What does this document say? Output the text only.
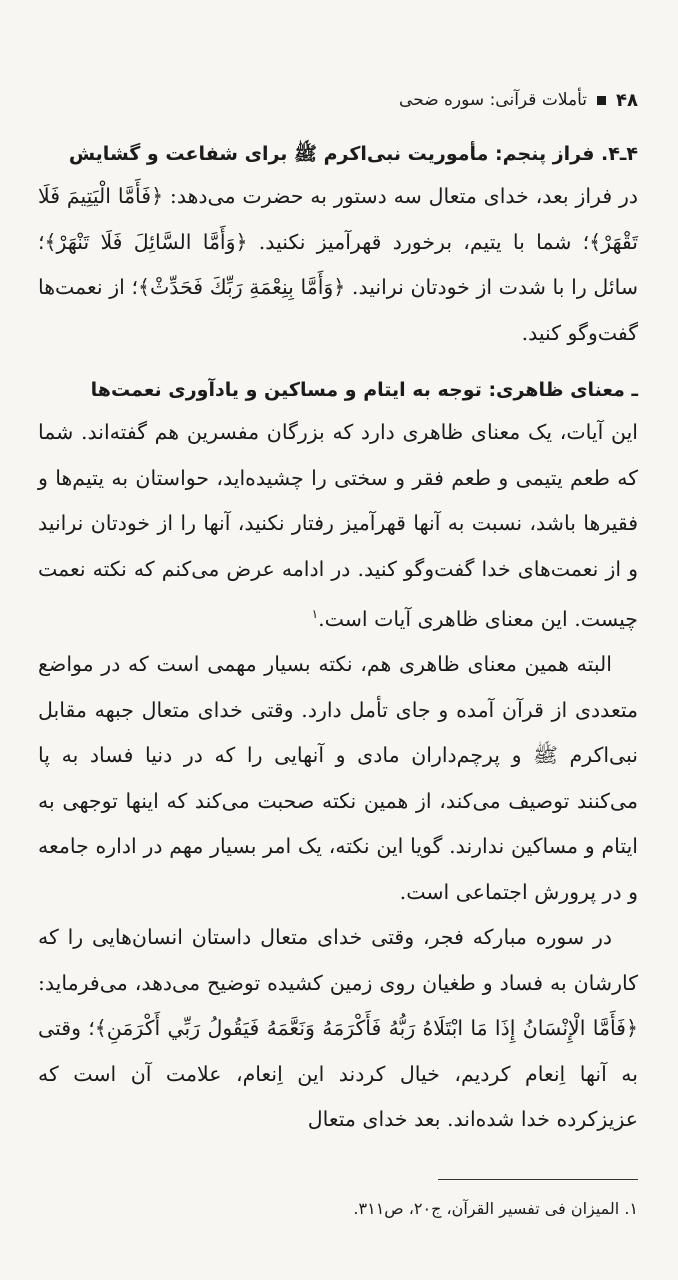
۴۸
تأملات قرآنی: سوره ضحی
۴ـ۴. فراز پنجم: مأموریت نبی‌اکرم ﷺ برای شفاعت و گشایش

در فراز بعد، خدای متعال سه دستور به حضرت می‌دهد: ﴿فَأَمَّا الْيَتِيمَ فَلَا تَقْهَرْ﴾؛ شما با یتیم، برخورد قهرآمیز نکنید. ﴿وَأَمَّا السَّائِلَ فَلَا تَنْهَرْ﴾؛ سائل را با شدت از خودتان نرانید. ﴿وَأَمَّا بِنِعْمَةِ رَبِّكَ فَحَدِّثْ﴾؛ از نعمت‌ها گفت‌وگو کنید.

ـ معنای ظاهری: توجه به ایتام و مساکین و یادآوری نعمت‌ها

این آیات، یک معنای ظاهری دارد که بزرگان مفسرین هم گفته‌اند. شما که طعم یتیمی و طعم فقر و سختی را چشیده‌اید، حواستان به یتیم‌ها و فقیرها باشد، نسبت به آنها قهرآمیز رفتار نکنید، آنها را از خودتان نرانید و از نعمت‌های خدا گفت‌وگو کنید. در ادامه عرض می‌کنم که نکته نعمت چیست. این معنای ظاهری آیات است.$^۱$

البته همین معنای ظاهری هم، نکته بسیار مهمی است که در مواضع متعددی از قرآن آمده و جای تأمل دارد. وقتی خدای متعال جبهه مقابل نبی‌اکرم ﷺ و پرچم‌داران مادی و آنهایی را که در دنیا فساد به پا می‌کنند توصیف می‌کند، از همین نکته صحبت می‌کند که اینها توجهی به ایتام و مساکین ندارند. گویا این نکته، یک امر بسیار مهم در اداره جامعه و در پرورش اجتماعی است.

در سوره مبارکه فجر، وقتی خدای متعال داستان انسان‌هایی را که کارشان به فساد و طغیان روی زمین کشیده توضیح می‌دهد، می‌فرماید: ﴿فَأَمَّا الْإِنْسَانُ إِذَا مَا ابْتَلَاهُ رَبُّهُ فَأَكْرَمَهُ وَنَعَّمَهُ فَيَقُولُ رَبِّي أَكْرَمَنِ﴾؛ وقتی به آنها اِنعام کردیم، خیال کردند این اِنعام، علامت آن است که عزیزکرده خدا شده‌اند. بعد خدای متعال

۱. المیزان فی تفسیر القرآن، ج۲۰، ص۳۱۱.
